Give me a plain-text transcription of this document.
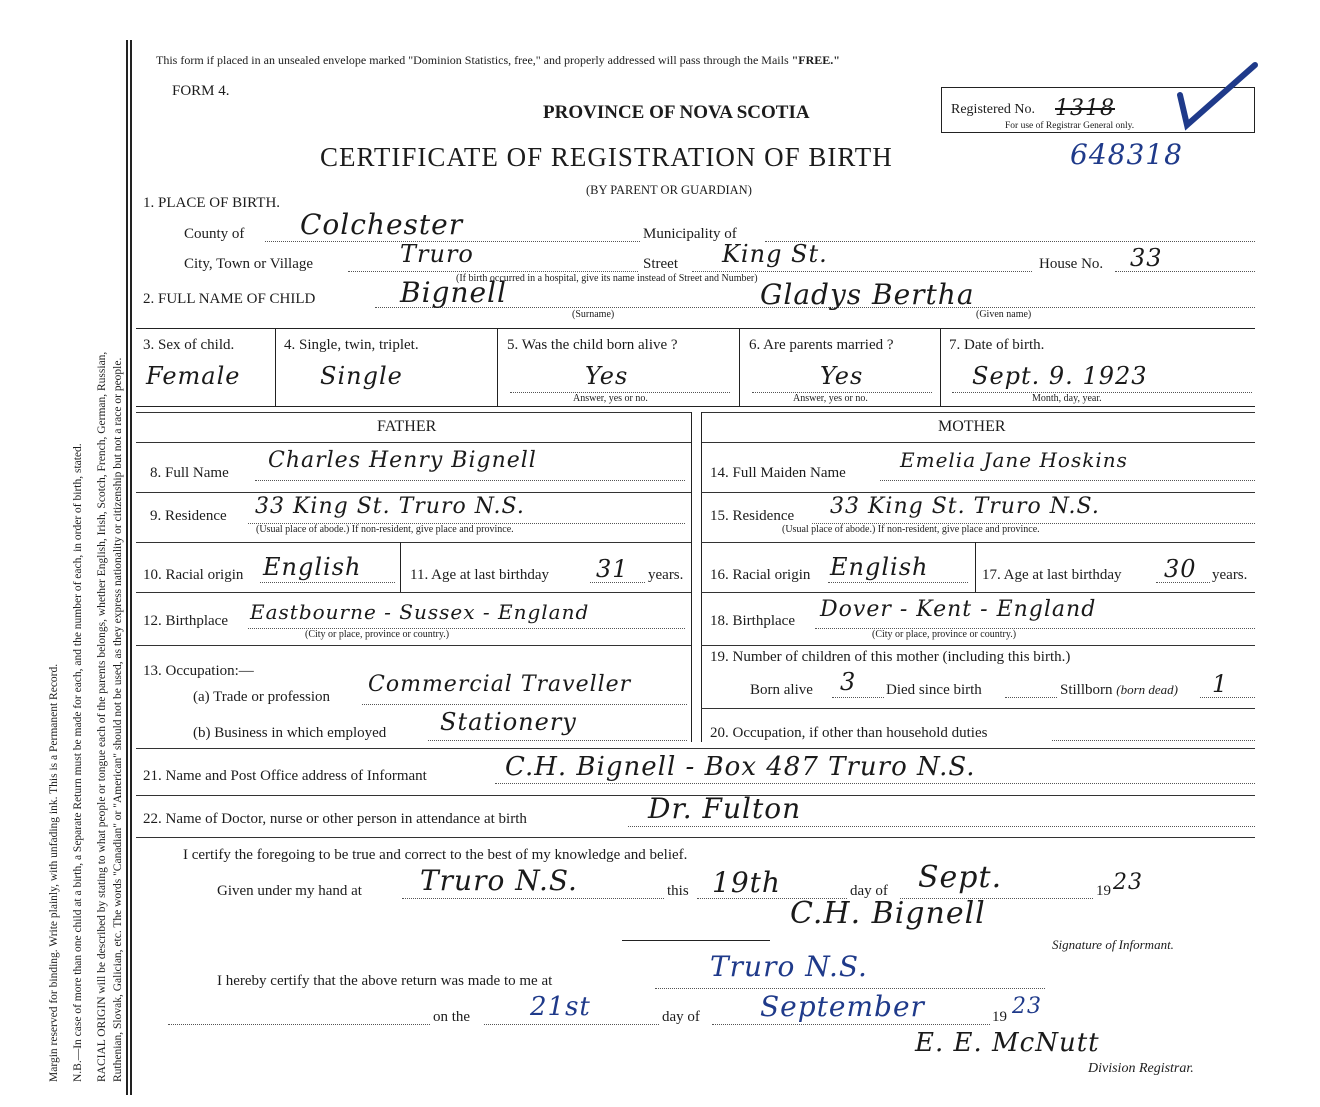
Margin reserved for binding. Write plainly, with unfading ink. This is a Permanent Record. N.B.—In case of more than one child at a birth, a Separate Return must be made for each, and the number of each, in order of birth, stated. RACIAL ORIGIN will be described by stating to what people or tongue each of the parents belongs, whether English, Irish, Scotch, French, German, Russian, Ruthenian, Slovak, Galician, etc. The words "Canadian" or "American" should not be used, as they express nationality or citizenship but not a race or people.
This form if placed in an unsealed envelope marked "Dominion Statistics, free," and properly addressed will pass through the Mails "FREE."
FORM 4.
PROVINCE OF NOVA SCOTIA
CERTIFICATE OF REGISTRATION OF BIRTH	648318
(BY PARENT OR GUARDIAN)
Registered No. 1318
For use of Registrar General only.
1. PLACE OF BIRTH.
County of Colchester	Municipality of
City, Town or Village	Truro	Street King St.	House No. 33
(If birth occurred in a hospital, give its name instead of Street and Number)
2. FULL NAME OF CHILD	Bignell
(Surname)
Gladys Bertha
(Given name)
3. Sex of child.
Female
4. Single, twin, triplet.
Single
5. Was the child born alive ?
Yes
Answer, yes or no.
6. Are parents married ?
Yes
Answer, yes or no.
7. Date of birth.
Sept. 9. 1923
Month, day, year.
FATHER	MOTHER
8. Full Name Charles Henry Bignell
9. Residence 33 King St. Truro N.S.
(Usual place of abode.) If non-resident, give place and province.
10. Racial origin English	11. Age at last birthday 31 years.
12. Birthplace Eastbourne - Sussex - England
(City or place, province or country.)
13. Occupation:—
(a) Trade or profession Commercial Traveller
(b) Business in which employed Stationery
14. Full Maiden Name
Emelia Jane Hoskins
15. Residence 33 King St. Truro N.S.
(Usual place of abode.) If non-resident, give place and province.
16. Racial origin English	17. Age at last birthday 30 years.
18. Birthplace Dover - Kent - England
(City or place, province or country.)
19. Number of children of this mother (including this birth.)
Born alive 3 Died since birth	Stillborn (born dead) 1
20. Occupation, if other than household duties
21. Name and Post Office address of Informant	C.H. Bignell - Box 487 Truro N.S.
22. Name of Doctor, nurse or other person in attendance at birth	Dr. Fulton
I certify the foregoing to be true and correct to the best of my knowledge and belief.
Given under my hand at Truro N.S.	this 19th	day of Sept.	19 23
C.H. Bignell
Signature of Informant.
I hereby certify that the above return was made to me at	Truro N.S.
on the 21st	day of September	19 23
E. E. McNutt
Division Registrar.
